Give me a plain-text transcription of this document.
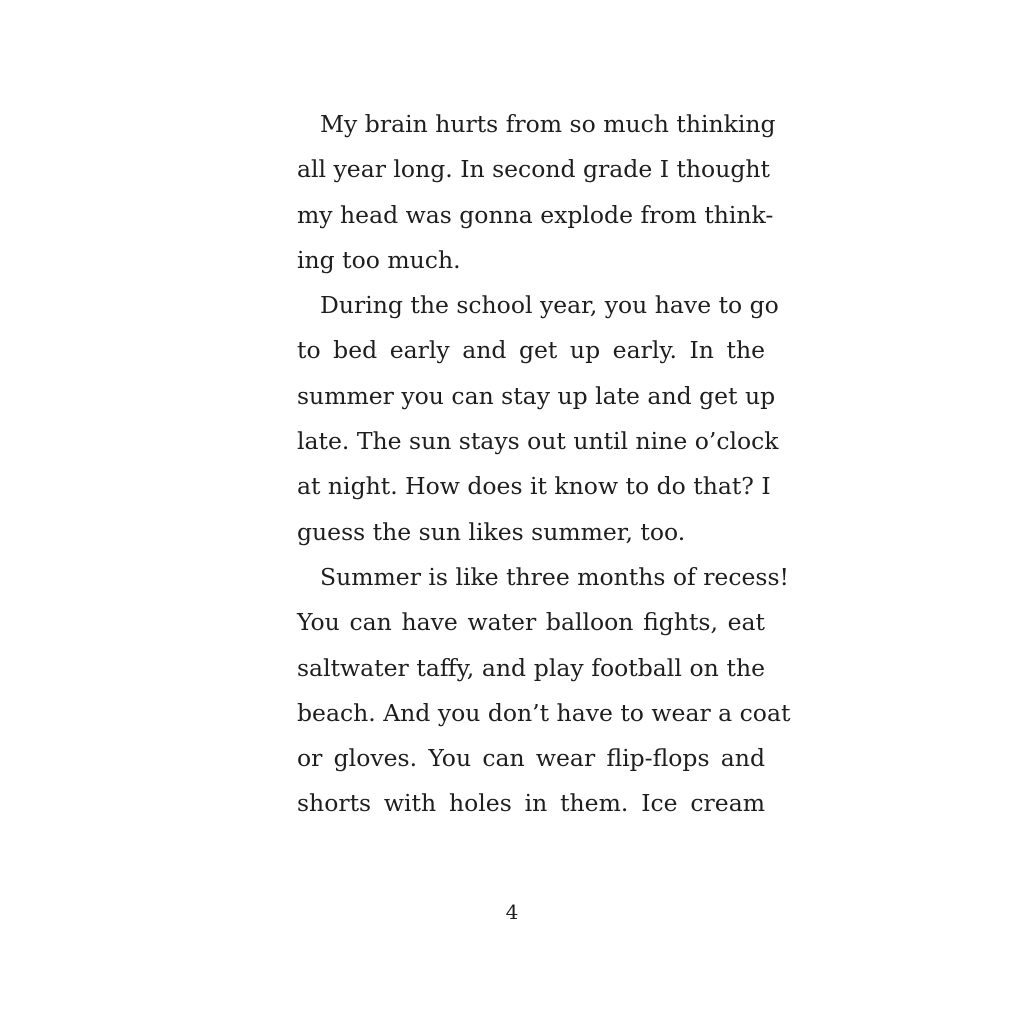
My brain hurts from so much thinking
all year long. In second grade I thought
my head was gonna explode from think-
ing too much.
During the school year, you have to go
to bed early and get up early. In the
summer you can stay up late and get up
late. The sun stays out until nine o’clock
at night. How does it know to do that? I
guess the sun likes summer, too.
Summer is like three months of recess!
You can have water balloon fights, eat
saltwater taffy, and play football on the
beach. And you don’t have to wear a coat
or gloves. You can wear flip-flops and
shorts with holes in them. Ice cream
4
